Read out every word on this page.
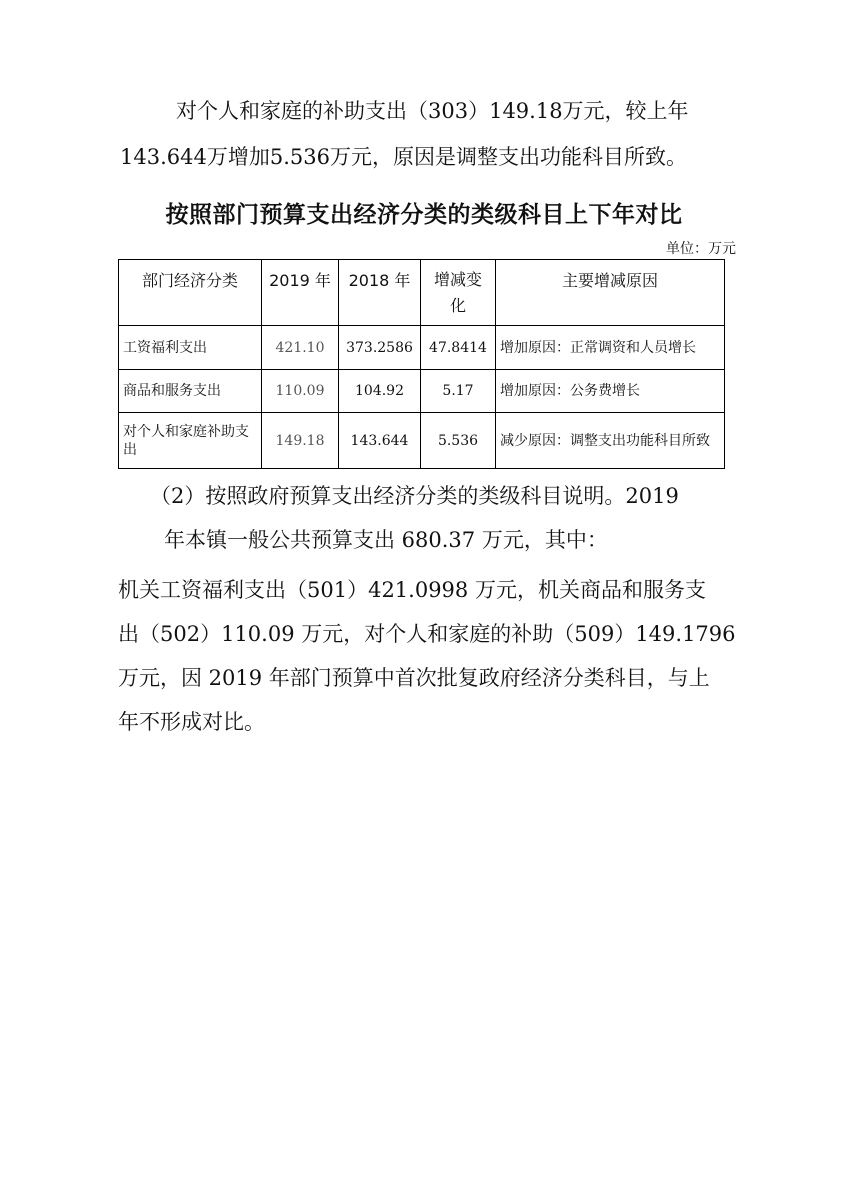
对个人和家庭的补助支出（303）149.18万元，较上年
143.644万增加5.536万元，原因是调整支出功能科目所致。
按照部门预算支出经济分类的类级科目上下年对比
单位：万元
部门经济分类	2019 年	2018 年	增减变化	主要增减原因
工资福利支出	421.10	373.2586	47.8414	增加原因：正常调资和人员增长
商品和服务支出	110.09	104.92	5.17	增加原因：公务费增长
对个人和家庭补助支出	149.18	143.644	5.536	减少原因：调整支出功能科目所致
（2）按照政府预算支出经济分类的类级科目说明。2019
年本镇一般公共预算支出 680.37 万元，其中：
机关工资福利支出（501）421.0998 万元，机关商品和服务支
出（502）110.09 万元，对个人和家庭的补助（509）149.1796
万元，因 2019 年部门预算中首次批复政府经济分类科目，与上
年不形成对比。
